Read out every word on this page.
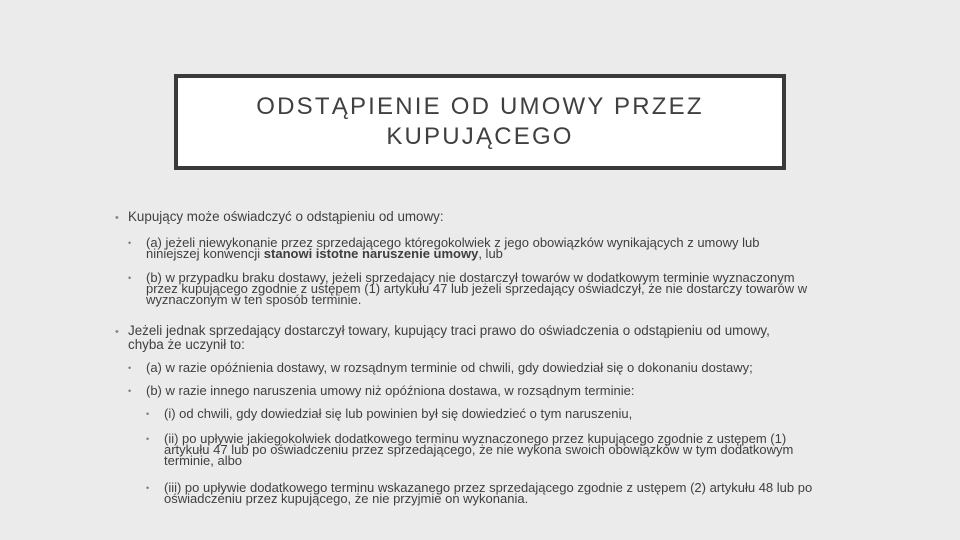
ODSTĄPIENIE OD UMOWY PRZEZ
KUPUJĄCEGO
• Kupujący może oświadczyć o odstąpieniu od umowy:
• (a) jeżeli niewykonanie przez sprzedającego któregokolwiek z jego obowiązków wynikających z umowy lub
niniejszej konwencji stanowi istotne naruszenie umowy, lub
• (b) w przypadku braku dostawy, jeżeli sprzedający nie dostarczył towarów w dodatkowym terminie wyznaczonym
przez kupującego zgodnie z ustępem (1) artykułu 47 lub jeżeli sprzedający oświadczył, że nie dostarczy towarów w
wyznaczonym w ten sposób terminie.
• Jeżeli jednak sprzedający dostarczył towary, kupujący traci prawo do oświadczenia o odstąpieniu od umowy,
chyba że uczynił to:
• (a) w razie opóźnienia dostawy, w rozsądnym terminie od chwili, gdy dowiedział się o dokonaniu dostawy;
• (b) w razie innego naruszenia umowy niż opóźniona dostawa, w rozsądnym terminie:
• (i) od chwili, gdy dowiedział się lub powinien był się dowiedzieć o tym naruszeniu,
• (ii) po upływie jakiegokolwiek dodatkowego terminu wyznaczonego przez kupującego zgodnie z ustępem (1)
artykułu 47 lub po oświadczeniu przez sprzedającego, że nie wykona swoich obowiązków w tym dodatkowym
terminie, albo
• (iii) po upływie dodatkowego terminu wskazanego przez sprzedającego zgodnie z ustępem (2) artykułu 48 lub po
oświadczeniu przez kupującego, że nie przyjmie on wykonania.
